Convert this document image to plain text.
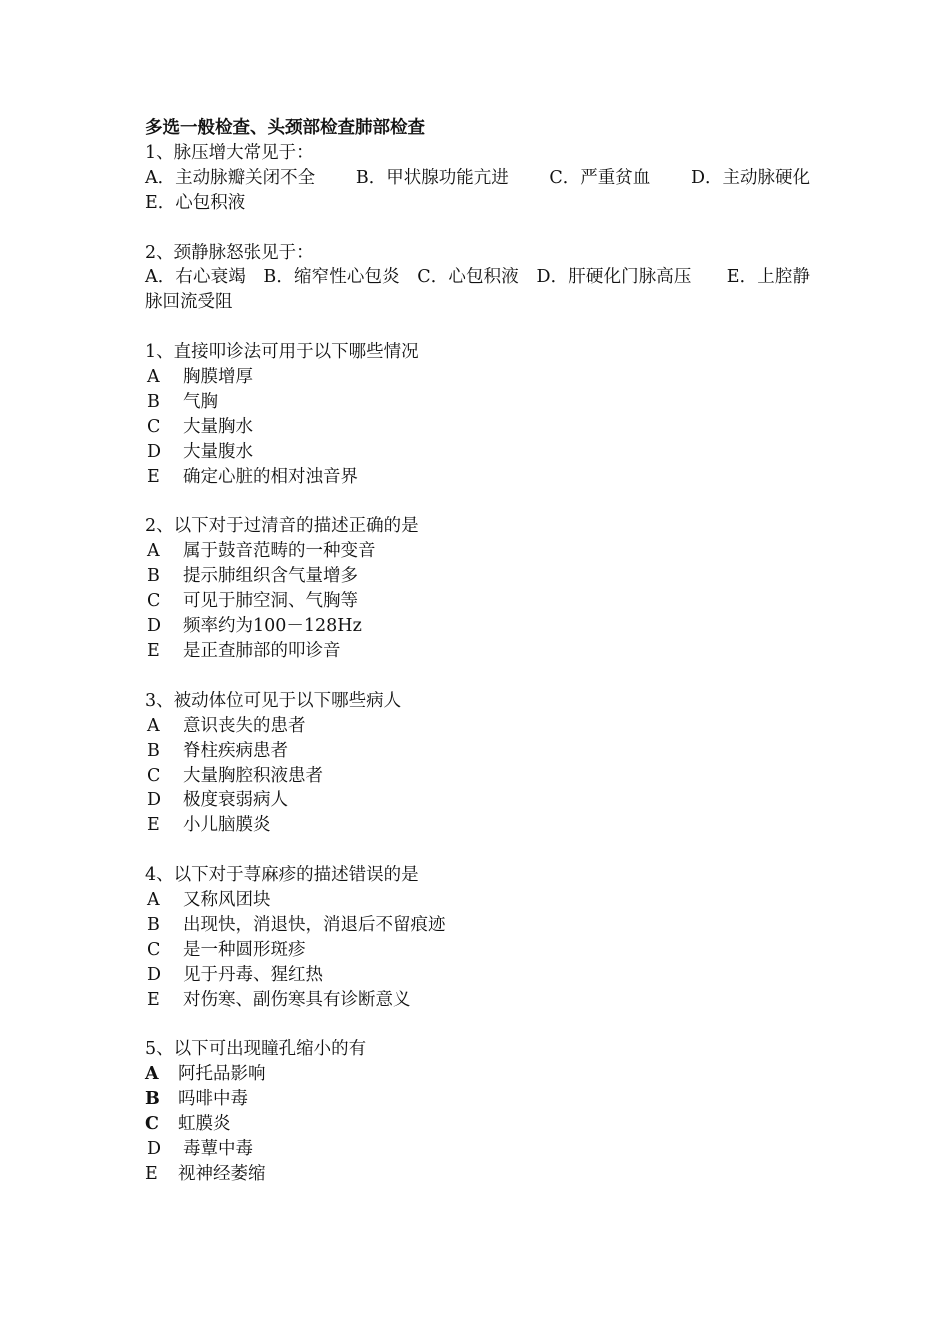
多选一般检查、头颈部检查肺部检查

1、脉压增大常见于：

A．主动脉瓣关闭不全 B．甲状腺功能亢进 C．严重贫血 D．主动脉硬化

E．心包积液

2、颈静脉怒张见于：

A．右心衰竭　B．缩窄性心包炎　C．心包积液　D．肝硬化门脉高压　　E．上腔静脉回流受阻

1、直接叩诊法可用于以下哪些情况

A	胸膜增厚
B	气胸
C	大量胸水
D	大量腹水
E	确定心脏的相对浊音界

2、以下对于过清音的描述正确的是

A	属于鼓音范畴的一种变音
B	提示肺组织含气量增多
C	可见于肺空洞、气胸等
D	频率约为100－128Hz
E	是正查肺部的叩诊音

3、被动体位可见于以下哪些病人

A	意识丧失的患者
B	脊柱疾病患者
C	大量胸腔积液患者
D	极度衰弱病人
E	小儿脑膜炎

4、以下对于荨麻疹的描述错误的是

A	又称风团块
B	出现快，消退快，消退后不留痕迹
C	是一种圆形斑疹
D	见于丹毒、猩红热
E	对伤寒、副伤寒具有诊断意义

5、以下可出现瞳孔缩小的有

A	阿托品影响
B	吗啡中毒
C	虹膜炎
D	毒蕈中毒
E	视神经萎缩
